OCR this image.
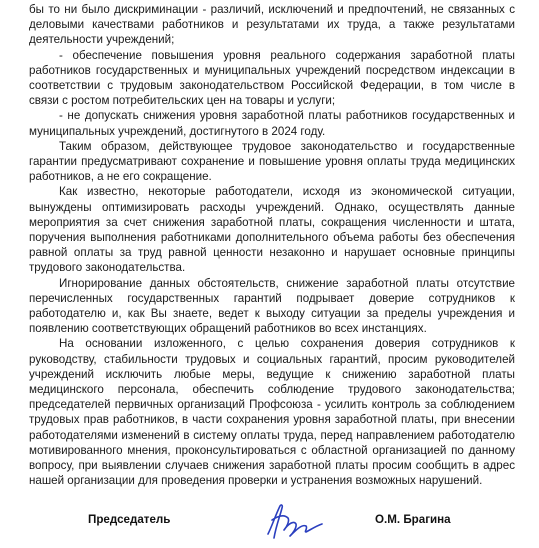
бы то ни было дискриминации - различий, исключений и предпочтений, не связанных с деловыми качествами работников и результатами их труда, а также результатами деятельности учреждений;

- обеспечение повышения уровня реального содержания заработной платы работников государственных и муниципальных учреждений посредством индексации в соответствии с трудовым законодательством Российской Федерации, в том числе в связи с ростом потребительских цен на товары и услуги;

- не допускать снижения уровня заработной платы работников государственных и муниципальных учреждений, достигнутого в 2024 году.

Таким образом, действующее трудовое законодательство и государственные гарантии предусматривают сохранение и повышение уровня оплаты труда медицинских работников, а не его сокращение.

Как известно, некоторые работодатели, исходя из экономической ситуации, вынуждены оптимизировать расходы учреждений. Однако, осуществлять данные мероприятия за счет снижения заработной платы, сокращения численности и штата, поручения выполнения работниками дополнительного объема работы без обеспечения равной оплаты за труд равной ценности незаконно и нарушает основные принципы трудового законодательства.

Игнорирование данных обстоятельств, снижение заработной платы отсутствие перечисленных государственных гарантий подрывает доверие сотрудников к работодателю и, как Вы знаете, ведет к выходу ситуации за пределы учреждения и появлению соответствующих обращений работников во всех инстанциях.

На основании изложенного, с целью сохранения доверия сотрудников к руководству, стабильности трудовых и социальных гарантий, просим руководителей учреждений исключить любые меры, ведущие к снижению заработной платы медицинского персонала, обеспечить соблюдение трудового законодательства; председателей первичных организаций Профсоюза - усилить контроль за соблюдением трудовых прав работников, в части сохранения уровня заработной платы, при внесении работодателями изменений в систему оплаты труда, перед направлением работодателю мотивированного мнения, проконсультироваться с областной организацией по данному вопросу, при выявлении случаев снижения заработной платы просим сообщить в адрес нашей организации для проведения проверки и устранения возможных нарушений.

Председатель	О.М. Брагина
